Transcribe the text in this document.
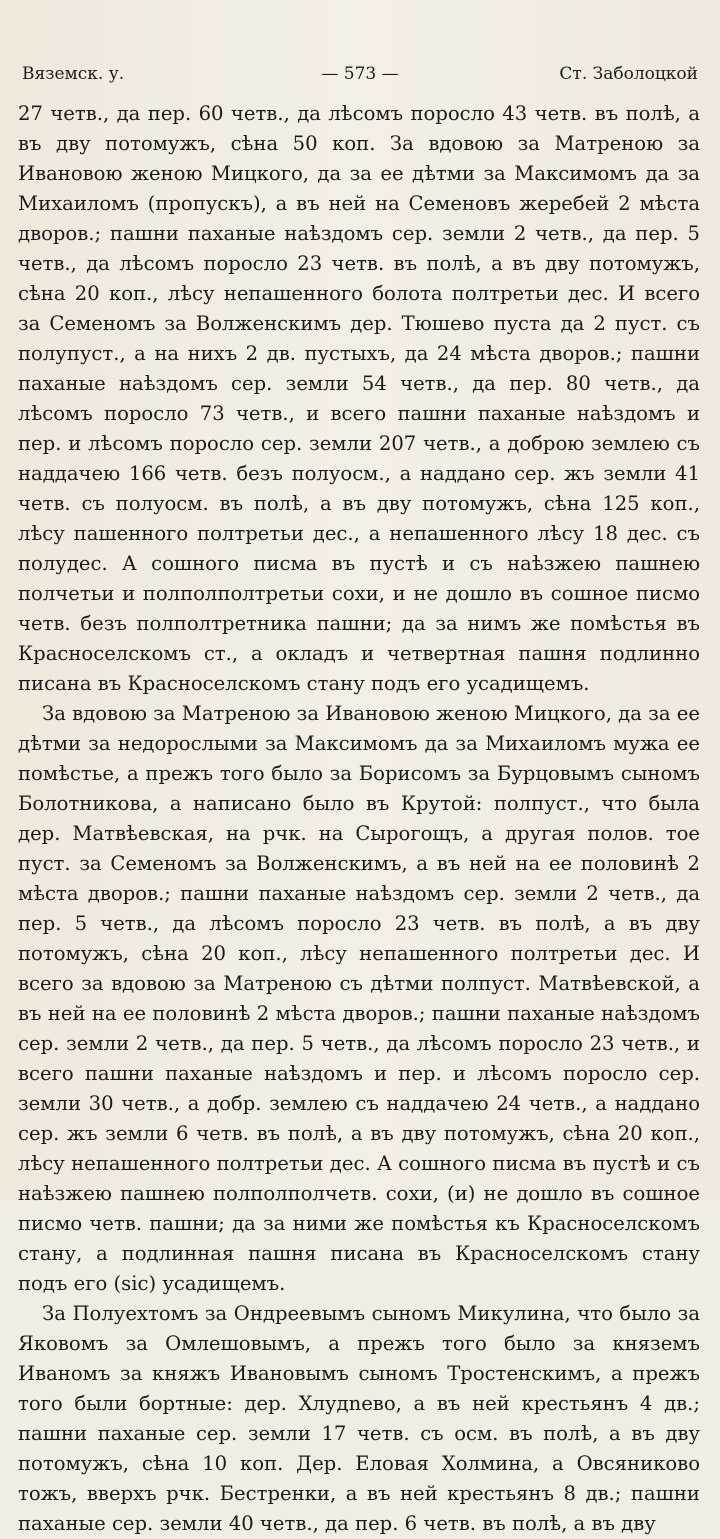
Вяземск. у.	— 573 —	Ст. Заболоцкой

27 четв., да пер. 60 четв., да лѣсомъ поросло 43 четв. въ полѣ, а въ дву потомужъ, сѣна 50 коп. За вдовою за Матреною за Ивановою женою Мицкого, да за ее дѣтми за Максимомъ да за Михаиломъ (пропускъ), а въ ней на Семеновъ жеребей 2 мѣста дворов.; пашни паханые наѣздомъ сер. земли 2 четв., да пер. 5 четв., да лѣсомъ поросло 23 четв. въ полѣ, а въ дву потомужъ, сѣна 20 коп., лѣсу непашенного болота полтретьи дес. И всего за Семеномъ за Волженскимъ дер. Тюшево пуста да 2 пуст. съ полупуст., а на нихъ 2 дв. пустыхъ, да 24 мѣста дворов.; пашни паханые наѣздомъ сер. земли 54 четв., да пер. 80 четв., да лѣсомъ поросло 73 четв., и всего пашни паханые наѣздомъ и пер. и лѣсомъ поросло сер. земли 207 четв., а доброю землею съ наддачею 166 четв. безъ полуосм., а наддано сер. жъ земли 41 четв. съ полуосм. въ полѣ, а въ дву потомужъ, сѣна 125 коп., лѣсу пашенного полтретьи дес., а непашенного лѣсу 18 дес. съ полудес. А сошного писма въ пустѣ и съ наѣзжею пашнею полчетьи и полполполтретьи сохи, и не дошло въ сошное писмо четв. безъ полполтретника пашни; да за нимъ же помѣстья въ Красноселскомъ ст., а окладъ и четвертная пашня подлинно писана въ Красноселскомъ стану подъ его усадищемъ.

За вдовою за Матреною за Ивановою женою Мицкого, да за ее дѣтми за недорослыми за Максимомъ да за Михаиломъ мужа ее помѣстье, а прежъ того было за Борисомъ за Бурцовымъ сыномъ Болотникова, а написано было въ Крутой: полпуст., что была дер. Матвѣевская, на рчк. на Сырогощъ, а другая полов. тое пуст. за Семеномъ за Волженскимъ, а въ ней на ее половинѣ 2 мѣста дворов.; пашни паханые наѣздомъ сер. земли 2 четв., да пер. 5 четв., да лѣсомъ поросло 23 четв. въ полѣ, а въ дву потомужъ, сѣна 20 коп., лѣсу непашенного полтретьи дес. И всего за вдовою за Матреною съ дѣтми полпуст. Матвѣевской, а въ ней на ее половинѣ 2 мѣста дворов.; пашни паханые наѣздомъ сер. земли 2 четв., да пер. 5 четв., да лѣсомъ поросло 23 четв., и всего пашни паханые наѣздомъ и пер. и лѣсомъ поросло сер. земли 30 четв., а добр. землею съ наддачею 24 четв., а наддано сер. жъ земли 6 четв. въ полѣ, а въ дву потомужъ, сѣна 20 коп., лѣсу непашенного полтретьи дес. А сошного писма въ пустѣ и съ наѣзжею пашнею полполполчетв. сохи, (и) не дошло въ сошное писмо четв. пашни; да за ними же помѣстья къ Красноселскомъ стану, а подлинная пашня писана въ Красноселскомъ стану подъ его (sic) усадищемъ.

За Полуехтомъ за Ондреевымъ сыномъ Микулина, что было за Яковомъ за Омлешовымъ, а прежъ того было за княземъ Иваномъ за княжъ Ивановымъ сыномъ Тростенскимъ, а прежъ того были бортные: дер. Хлудnево, а въ ней крестьянъ 4 дв.; пашни паханые сер. земли 17 четв. съ осм. въ полѣ, а въ дву потомужъ, сѣна 10 коп. Дер. Еловая Холмина, а Овсяниково тожъ, вверхъ рчк. Бестренки, а въ ней крестьянъ 8 дв.; пашни паханые сер. земли 40 четв., да пер. 6 четв. въ полѣ, а въ дву
